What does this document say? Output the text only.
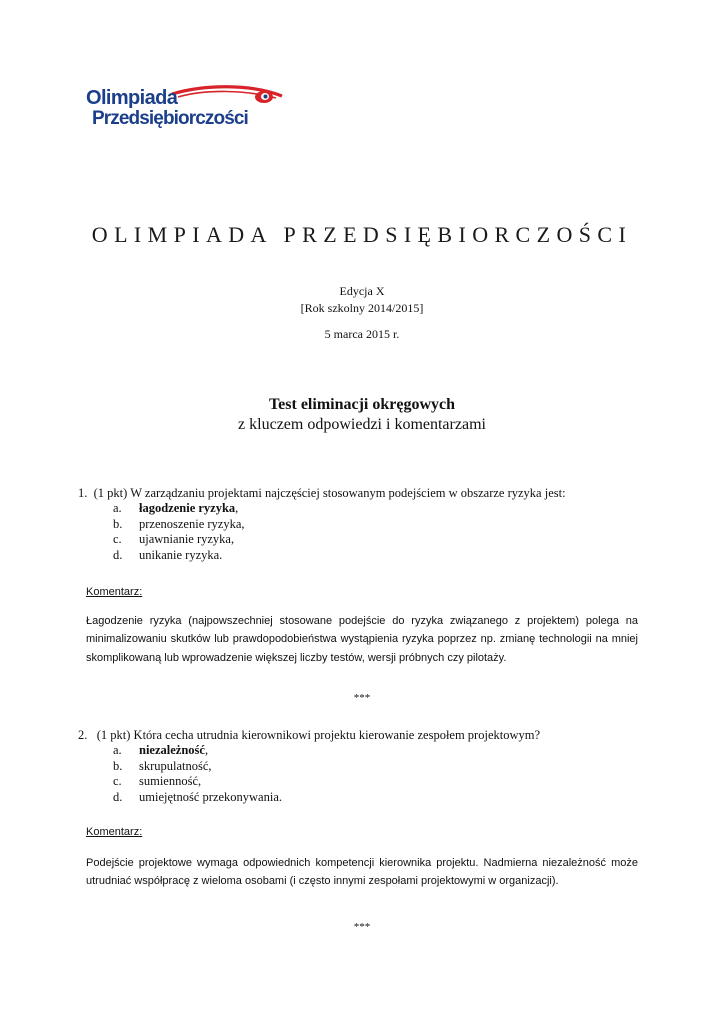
Olimpiada
Przedsiębiorczości
OLIMPIADA PRZEDSIĘBIORCZOŚCI
Edycja X
[Rok szkolny 2014/2015]
5 marca 2015 r.
Test eliminacji okręgowych
z kluczem odpowiedzi i komentarzami
1. (1 pkt) W zarządzaniu projektami najczęściej stosowanym podejściem w obszarze ryzyka jest:
a. łagodzenie ryzyka,
b. przenoszenie ryzyka,
c. ujawnianie ryzyka,
d. unikanie ryzyka.
Komentarz:
Łagodzenie ryzyka (najpowszechniej stosowane podejście do ryzyka związanego z projektem) polega na minimalizowaniu skutków lub prawdopodobieństwa wystąpienia ryzyka poprzez np. zmianę technologii na mniej skomplikowaną lub wprowadzenie większej liczby testów, wersji próbnych czy pilotaży.
***
2. (1 pkt) Która cecha utrudnia kierownikowi projektu kierowanie zespołem projektowym?
a. niezależność,
b. skrupulatność,
c. sumienność,
d. umiejętność przekonywania.
Komentarz:
Podejście projektowe wymaga odpowiednich kompetencji kierownika projektu. Nadmierna niezależność może utrudniać współpracę z wieloma osobami (i często innymi zespołami projektowymi w organizacji).
***
